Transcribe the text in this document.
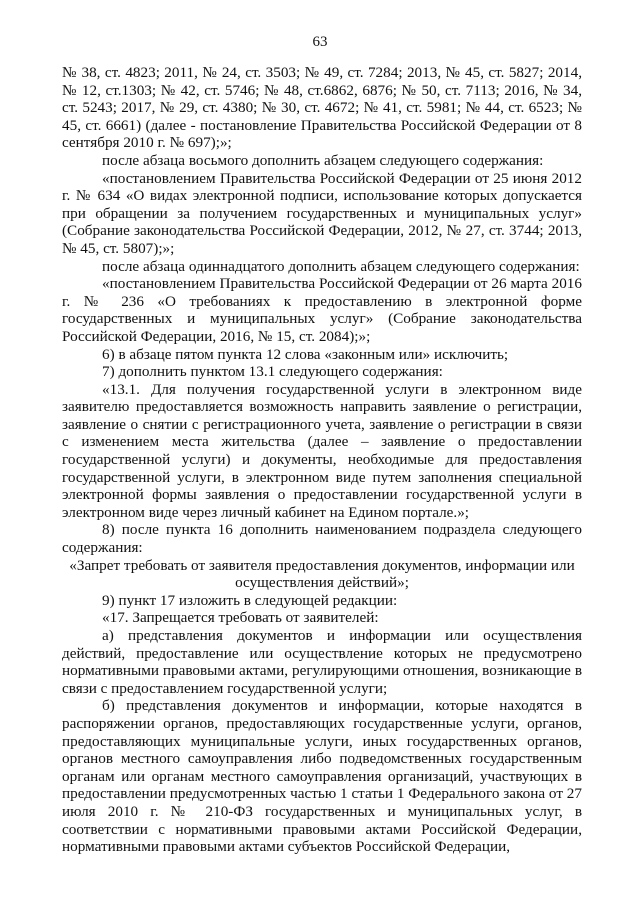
63

№ 38, ст. 4823; 2011, № 24, ст. 3503; № 49, ст. 7284; 2013, № 45, ст. 5827; 2014, № 12, ст.1303; № 42, ст. 5746; № 48, ст.6862, 6876; № 50, ст. 7113; 2016, № 34, ст. 5243; 2017, № 29, ст. 4380; № 30, ст. 4672; № 41, ст. 5981; № 44, ст. 6523; № 45, ст. 6661) (далее - постановление Правительства Российской Федерации от 8 сентября 2010 г. № 697);»;

после абзаца восьмого дополнить абзацем следующего содержания:

«постановлением Правительства Российской Федерации от 25 июня 2012 г. № 634 «О видах электронной подписи, использование которых допускается при обращении за получением государственных и муниципальных услуг» (Собрание законодательства Российской Федерации, 2012, № 27, ст. 3744; 2013, № 45, ст. 5807);»;

после абзаца одиннадцатого дополнить абзацем следующего содержания:

«постановлением Правительства Российской Федерации от 26 марта 2016 г. № 236 «О требованиях к предоставлению в электронной форме государственных и муниципальных услуг» (Собрание законодательства Российской Федерации, 2016, № 15, ст. 2084);»;

6) в абзаце пятом пункта 12 слова «законным или» исключить;

7) дополнить пунктом 13.1 следующего содержания:

«13.1. Для получения государственной услуги в электронном виде заявителю предоставляется возможность направить заявление о регистрации, заявление о снятии с регистрационного учета, заявление о регистрации в связи с изменением места жительства (далее – заявление о предоставлении государственной услуги) и документы, необходимые для предоставления государственной услуги, в электронном виде путем заполнения специальной электронной формы заявления о предоставлении государственной услуги в электронном виде через личный кабинет на Едином портале.»;

8) после пункта 16 дополнить наименованием подраздела следующего содержания:

«Запрет требовать от заявителя предоставления документов, информации или осуществления действий»;

9) пункт 17 изложить в следующей редакции:

«17. Запрещается требовать от заявителей:

а) представления документов и информации или осуществления действий, предоставление или осуществление которых не предусмотрено нормативными правовыми актами, регулирующими отношения, возникающие в связи с предоставлением государственной услуги;

б) представления документов и информации, которые находятся в распоряжении органов, предоставляющих государственные услуги, органов, предоставляющих муниципальные услуги, иных государственных органов, органов местного самоуправления либо подведомственных государственным органам или органам местного самоуправления организаций, участвующих в предоставлении предусмотренных частью 1 статьи 1 Федерального закона от 27 июля 2010 г. № 210-ФЗ государственных и муниципальных услуг, в соответствии с нормативными правовыми актами Российской Федерации, нормативными правовыми актами субъектов Российской Федерации,
